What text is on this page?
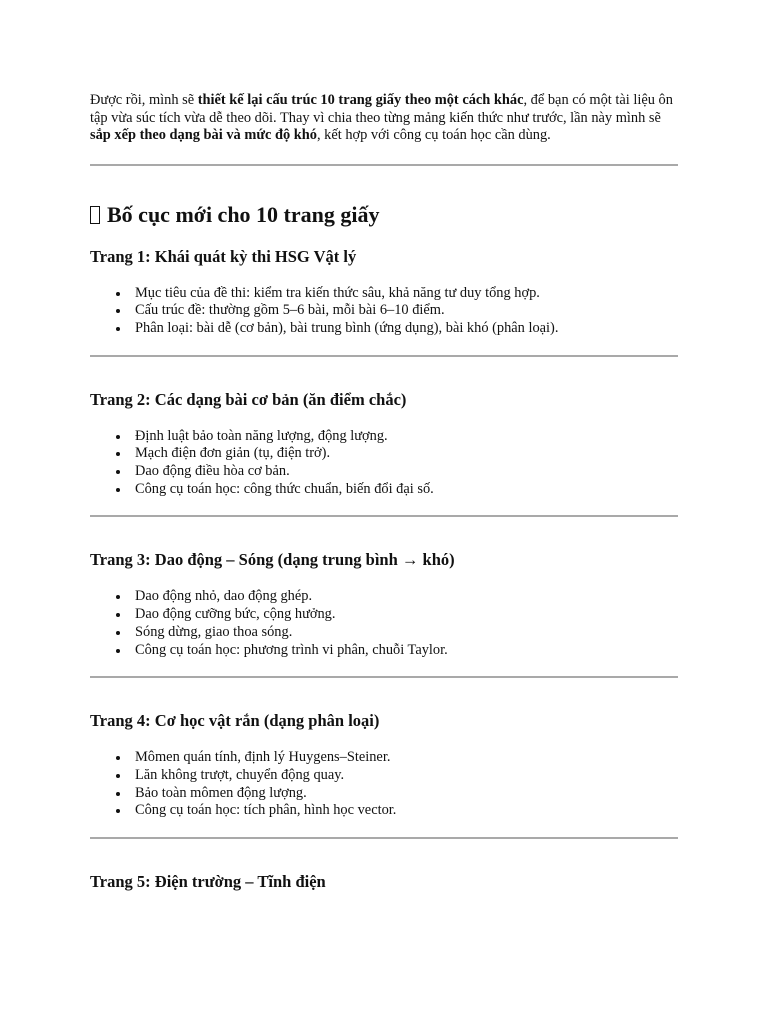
Được rồi, mình sẽ thiết kế lại cấu trúc 10 trang giấy theo một cách khác, để bạn có một tài liệu ôn tập vừa súc tích vừa dễ theo dõi. Thay vì chia theo từng mảng kiến thức như trước, lần này mình sẽ sắp xếp theo dạng bài và mức độ khó, kết hợp với công cụ toán học cần dùng.

Bố cục mới cho 10 trang giấy
Trang 1: Khái quát kỳ thi HSG Vật lý
Mục tiêu của đề thi: kiểm tra kiến thức sâu, khả năng tư duy tổng hợp.
Cấu trúc đề: thường gồm 5–6 bài, mỗi bài 6–10 điểm.
Phân loại: bài dễ (cơ bản), bài trung bình (ứng dụng), bài khó (phân loại).
Trang 2: Các dạng bài cơ bản (ăn điểm chắc)
Định luật bảo toàn năng lượng, động lượng.
Mạch điện đơn giản (tụ, điện trở).
Dao động điều hòa cơ bản.
Công cụ toán học: công thức chuẩn, biến đổi đại số.
Trang 3: Dao động – Sóng (dạng trung bình → khó)
Dao động nhỏ, dao động ghép.
Dao động cưỡng bức, cộng hưởng.
Sóng dừng, giao thoa sóng.
Công cụ toán học: phương trình vi phân, chuỗi Taylor.
Trang 4: Cơ học vật rắn (dạng phân loại)
Mômen quán tính, định lý Huygens–Steiner.
Lăn không trượt, chuyển động quay.
Bảo toàn mômen động lượng.
Công cụ toán học: tích phân, hình học vector.
Trang 5: Điện trường – Tĩnh điện
